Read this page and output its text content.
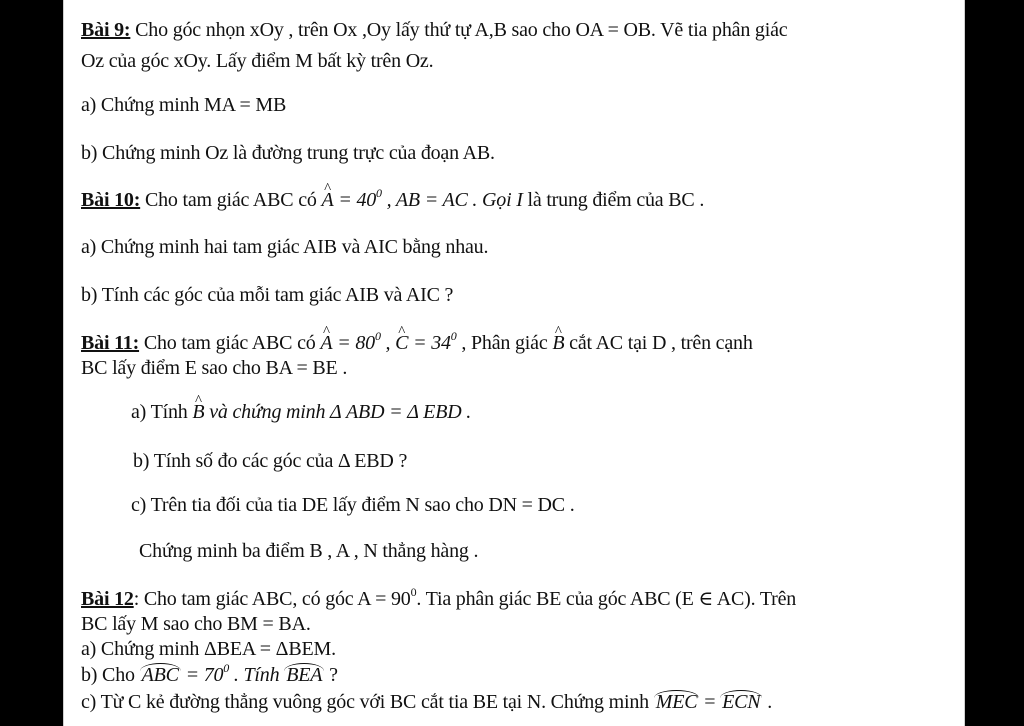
Bài 9: Cho góc nhọn xOy , trên Ox ,Oy lấy thứ tự A,B sao cho OA = OB. Vẽ tia phân giác

Oz của góc xOy. Lấy điểm M bất kỳ trên Oz.

a) Chứng minh MA = MB

b) Chứng minh Oz là đường trung trực của đoạn AB.

Bài 10: Cho tam giác ABC có ^ $A = 40^0$ , AB = AC . Gọi I là trung điểm của BC .

a) Chứng minh hai tam giác AIB và AIC bằng nhau.

b) Tính các góc của mỗi tam giác AIB và AIC ?

Bài 11: Cho tam giác ABC có ^ $A = 80^0$ , ^ $C = 34^0$ , Phân giác ^ B cắt AC tại D , trên cạnh

BC lấy điểm E sao cho BA = BE .

a) Tính ^ B và chứng minh Δ ABD = Δ EBD .

b) Tính số đo các góc của Δ EBD ?

c) Trên tia đối của tia DE lấy điểm N sao cho DN = DC .

Chứng minh ba điểm B , A , N thẳng hàng .

Bài 12: Cho tam giác ABC, có góc $A = 90^0$. Tia phân giác BE của góc ABC (E ∈ AC). Trên

BC lấy M sao cho BM = BA.

a) Chứng minh ΔBEA = ΔBEM.

b) Cho ABC = $70^0$ . Tính BEA ?

c) Từ C kẻ đường thẳng vuông góc với BC cắt tia BE tại N. Chứng minh MEC = ECN .
